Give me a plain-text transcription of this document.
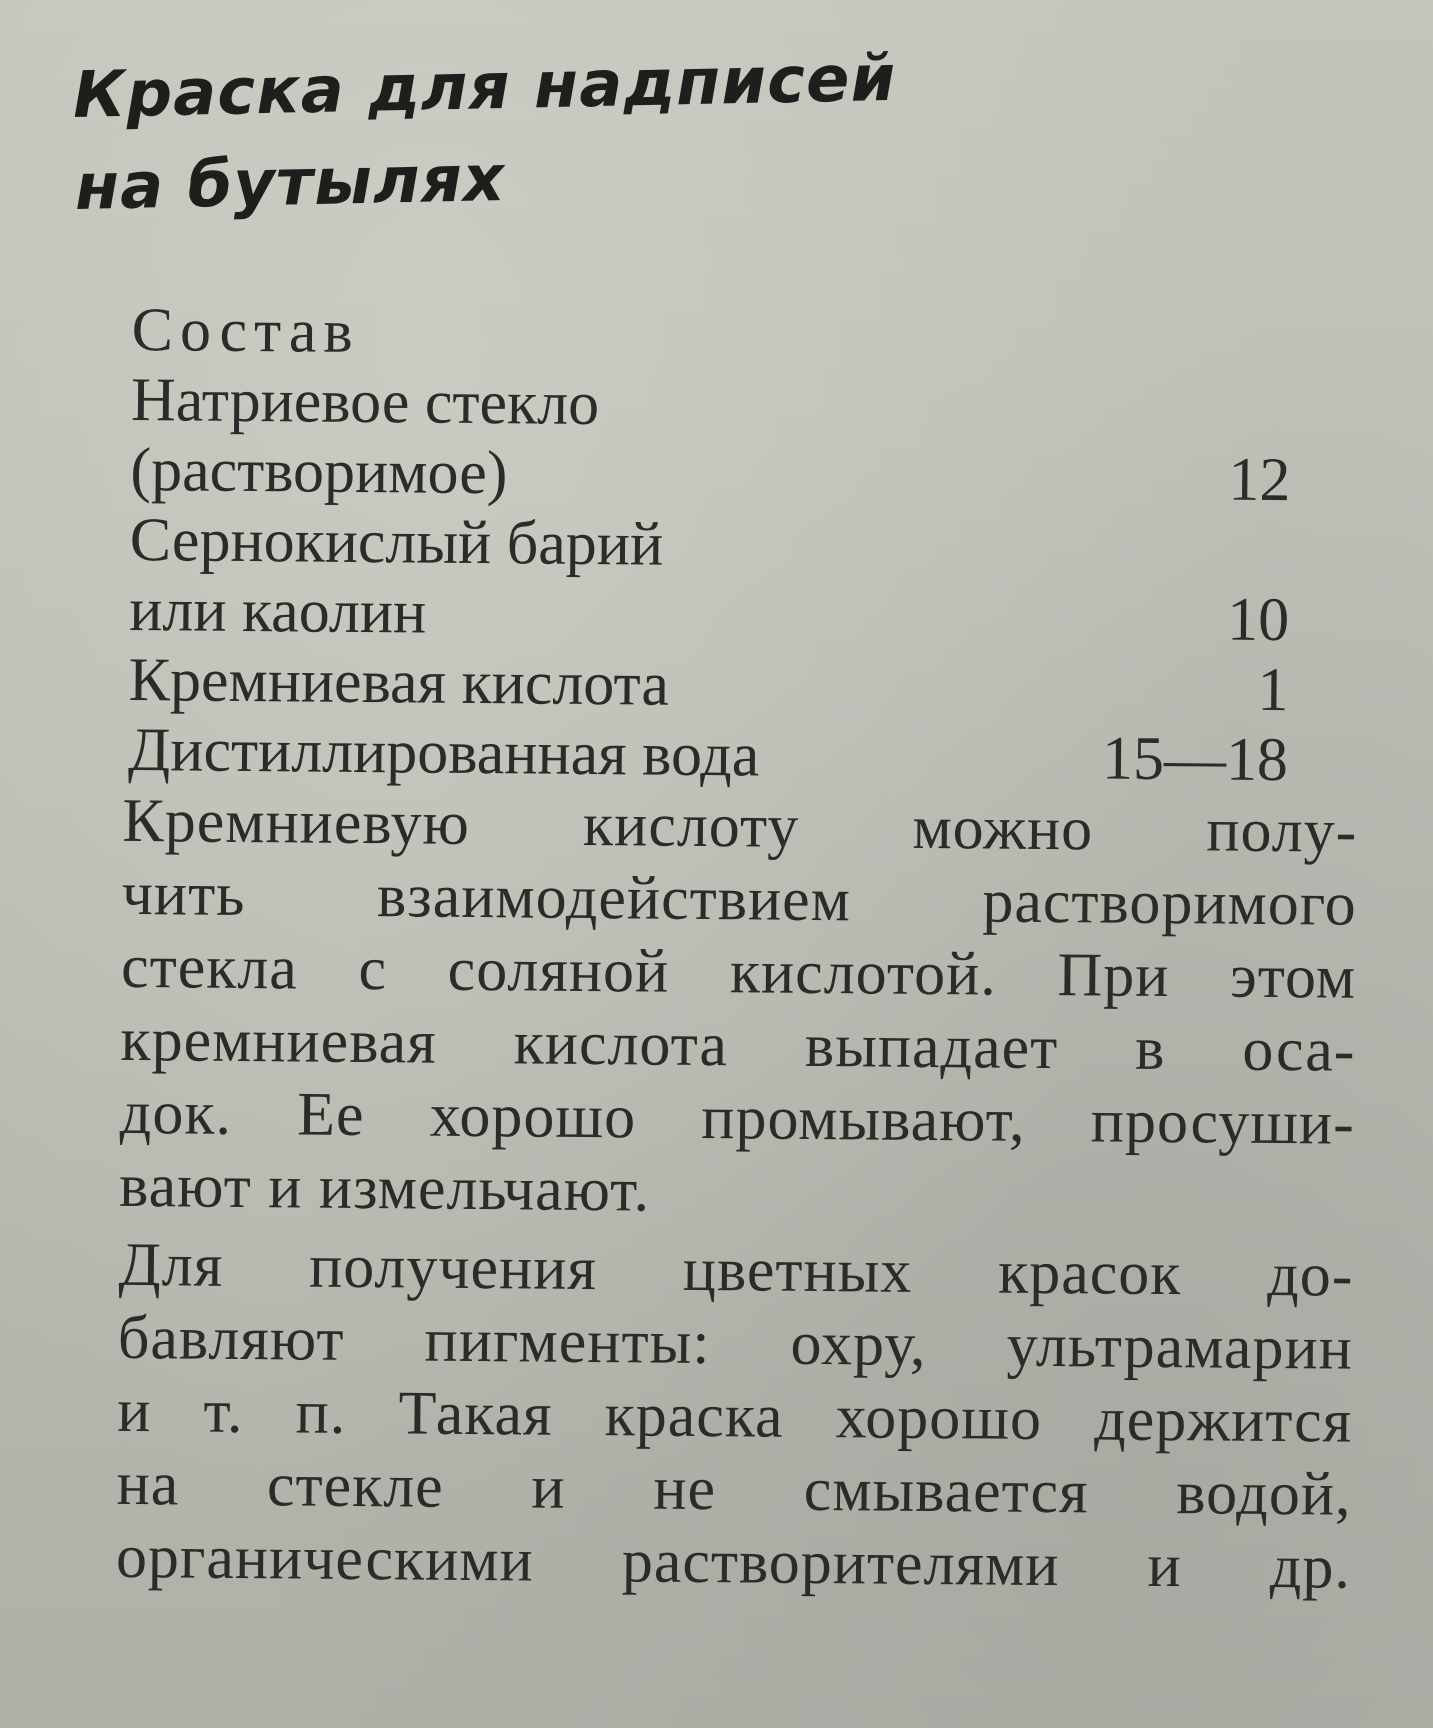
Краска для надписей
на бутылях
Состав
Натриевое стекло
(растворимое)	12
Сернокислый барий
или каолин	10
Кремниевая кислота	1
Дистиллированная вода	15—18
Кремниевую кислоту можно полу-
чить взаимодействием растворимого
стекла с соляной кислотой. При этом
кремниевая кислота выпадает в оса-
док. Ее хорошо промывают, просуши-
вают и измельчают.
Для получения цветных красок до-
бавляют пигменты: охру, ультрамарин
и т. п. Такая краска хорошо держится
на стекле и не смывается водой,
органическими растворителями и др.
